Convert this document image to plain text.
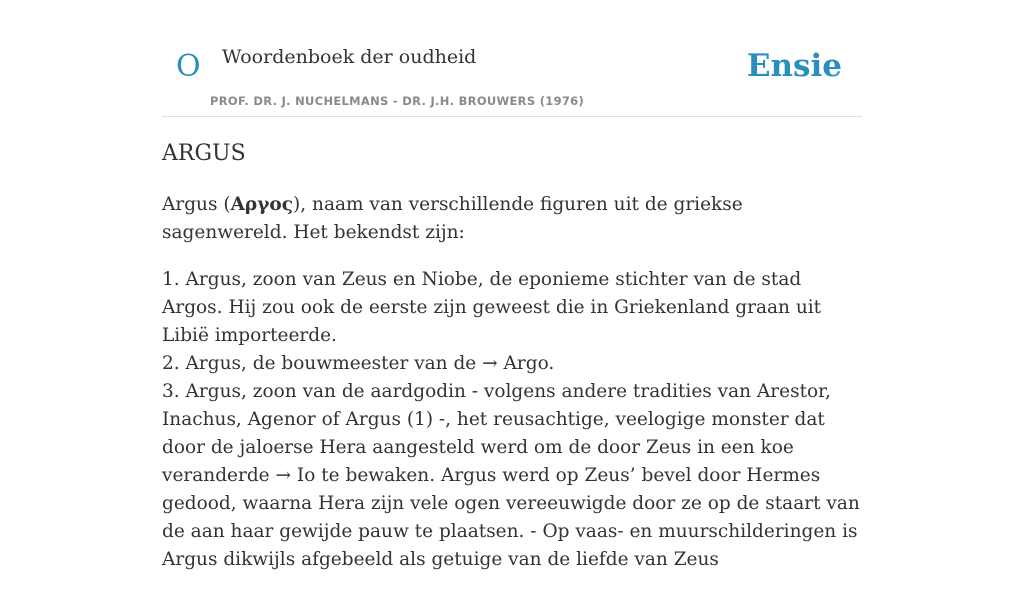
O Woordenboek der oudheid
PROF. DR. J. NUCHELMANS - DR. J.H. BROUWERS (1976)
Ensie
ARGUS

Argus (Αργος), naam van verschillende figuren uit de griekse sagenwereld. Het bekendst zijn:

1. Argus, zoon van Zeus en Niobe, de eponieme stichter van de stad Argos. Hij zou ook de eerste zijn geweest die in Griekenland graan uit Libië importeerde.
2. Argus, de bouwmeester van de → Argo.
3. Argus, zoon van de aardgodin - volgens andere tradities van Arestor, Inachus, Agenor of Argus (1) -, het reusachtige, veelogige monster dat door de jaloerse Hera aangesteld werd om de door Zeus in een koe veranderde → Io te bewaken. Argus werd op Zeus’ bevel door Hermes gedood, waarna Hera zijn vele ogen vereeuwigde door ze op de staart van de aan haar gewijde pauw te plaatsen. - Op vaas- en muurschilderingen is Argus dikwijls afgebeeld als getuige van de liefde van Zeus
